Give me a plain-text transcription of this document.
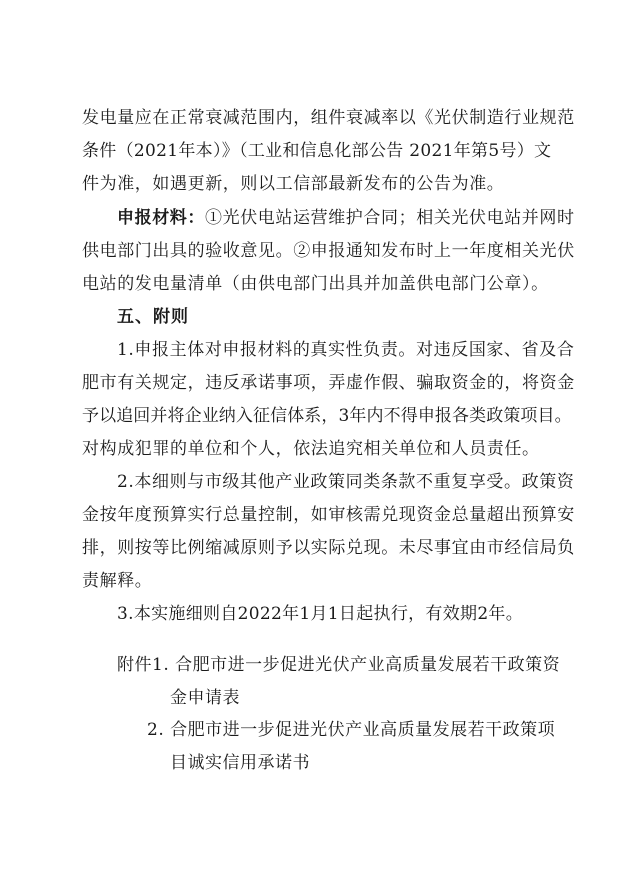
发电量应在正常衰减范围内，组件衰减率以《光伏制造行业规范
条件（2021年本）》（工业和信息化部公告 2021年第5号）文
件为准，如遇更新，则以工信部最新发布的公告为准。
申报材料：①光伏电站运营维护合同；相关光伏电站并网时
供电部门出具的验收意见。②申报通知发布时上一年度相关光伏
电站的发电量清单（由供电部门出具并加盖供电部门公章）。
五、附则
1.申报主体对申报材料的真实性负责。对违反国家、省及合
肥市有关规定，违反承诺事项，弄虚作假、骗取资金的，将资金
予以追回并将企业纳入征信体系，3年内不得申报各类政策项目。
对构成犯罪的单位和个人，依法追究相关单位和人员责任。
2.本细则与市级其他产业政策同类条款不重复享受。政策资
金按年度预算实行总量控制，如审核需兑现资金总量超出预算安
排，则按等比例缩减原则予以实际兑现。未尽事宜由市经信局负
责解释。
3.本实施细则自2022年1月1日起执行，有效期2年。
附件1. 合肥市进一步促进光伏产业高质量发展若干政策资
金申请表
2. 合肥市进一步促进光伏产业高质量发展若干政策项
目诚实信用承诺书
